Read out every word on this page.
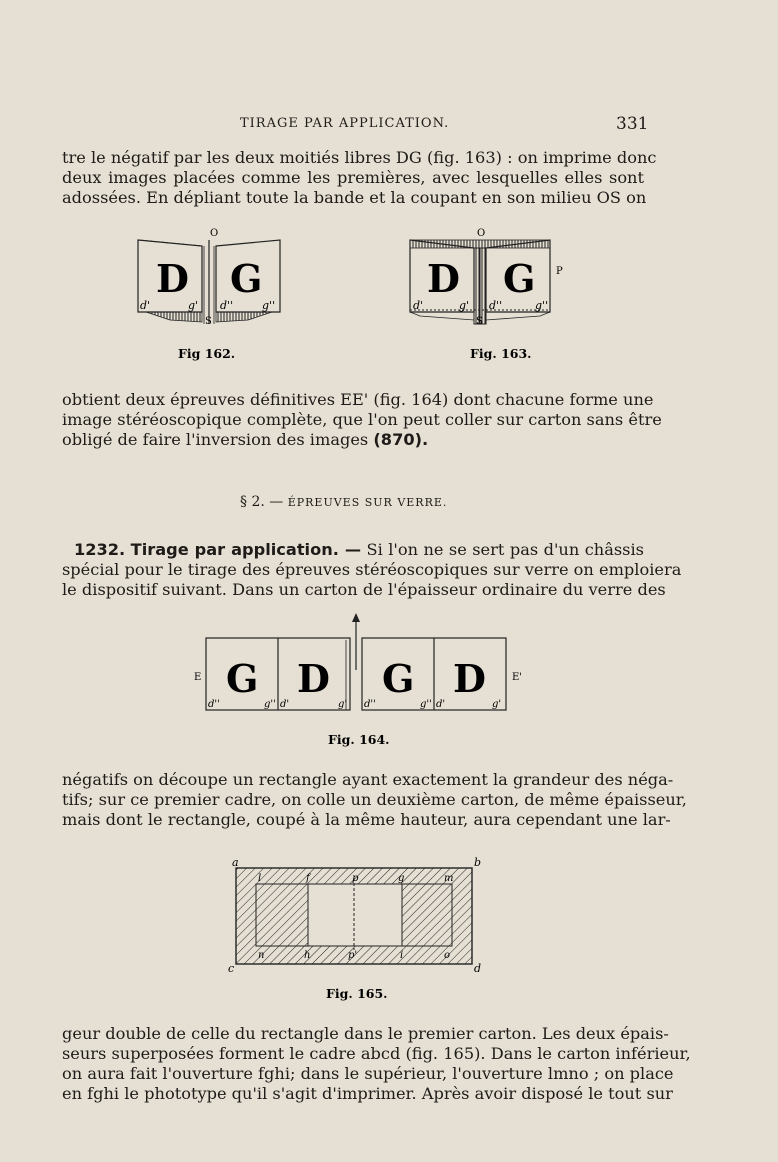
TIRAGE PAR APPLICATION.	331

tre le négatif par les deux moitiés libres DG (fig. 163) : on imprime donc
deux images placées comme les premières, avec lesquelles elles sont
adossées. En dépliant toute la bande et la coupant en son milieu OS on

O
D G
d'	g' d''	g''
S
Fig 162.
O
D G
d'	g' d''	g''
S
P
Fig. 163.

obtient deux épreuves définitives EE' (fig. 164) dont chacune forme une
image stéréoscopique complète, que l'on peut coller sur carton sans être
obligé de faire l'inversion des images (870).

§ 2. — ÉPREUVES SUR VERRE.

1232. Tirage par application. — Si l'on ne se sert pas d'un châssis
spécial pour le tirage des épreuves stéréoscopiques sur verre on emploiera
le dispositif suivant. Dans un carton de l'épaisseur ordinaire du verre des

G D G D
d''	g'' d'	g' d''	g'' d'	g'
E	E'
Fig. 164.

négatifs on découpe un rectangle ayant exactement la grandeur des néga-
tifs; sur ce premier cadre, on colle un deuxième carton, de même épaisseur,
mais dont le rectangle, coupé à la même hauteur, aura cependant une lar-

a	b
c	d
l	f	p	g	m
n	h	p'	i	o
Fig. 165.

geur double de celle du rectangle dans le premier carton. Les deux épais-
seurs superposées forment le cadre abcd (fig. 165). Dans le carton inférieur,
on aura fait l'ouverture fghi; dans le supérieur, l'ouverture lmno ; on place
en fghi le phototype qu'il s'agit d'imprimer. Après avoir disposé le tout sur
